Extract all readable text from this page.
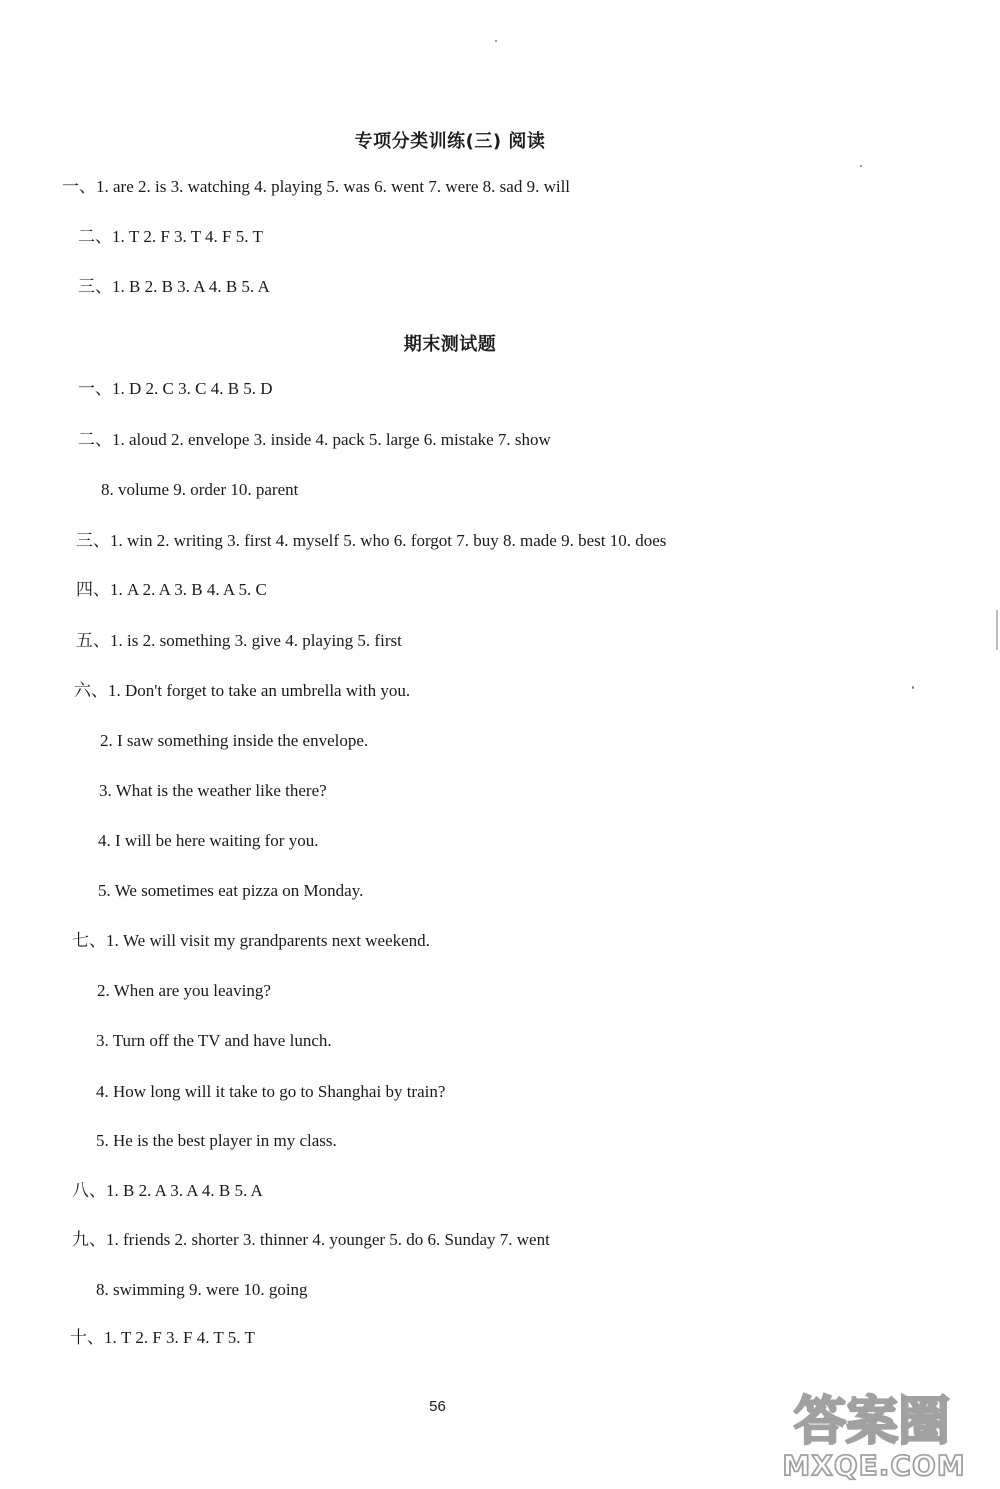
专项分类训练(三) 阅读
一、1. are 2. is 3. watching 4. playing 5. was 6. went 7. were 8. sad 9. will
二、1. T 2. F 3. T 4. F 5. T
三、1. B 2. B 3. A 4. B 5. A
期末测试题
一、1. D 2. C 3. C 4. B 5. D
二、1. aloud 2. envelope 3. inside 4. pack 5. large 6. mistake 7. show
8. volume 9. order 10. parent
三、1. win 2. writing 3. first 4. myself 5. who 6. forgot 7. buy 8. made 9. best 10. does
四、1. A 2. A 3. B 4. A 5. C
五、1. is 2. something 3. give 4. playing 5. first
六、1. Don't forget to take an umbrella with you.
2. I saw something inside the envelope.
3. What is the weather like there?
4. I will be here waiting for you.
5. We sometimes eat pizza on Monday.
七、1. We will visit my grandparents next weekend.
2. When are you leaving?
3. Turn off the TV and have lunch.
4. How long will it take to go to Shanghai by train?
5. He is the best player in my class.
八、1. B 2. A 3. A 4. B 5. A
九、1. friends 2. shorter 3. thinner 4. younger 5. do 6. Sunday 7. went
8. swimming 9. were 10. going
十、1. T 2. F 3. F 4. T 5. T
56	答案圈
MXQE.COM
